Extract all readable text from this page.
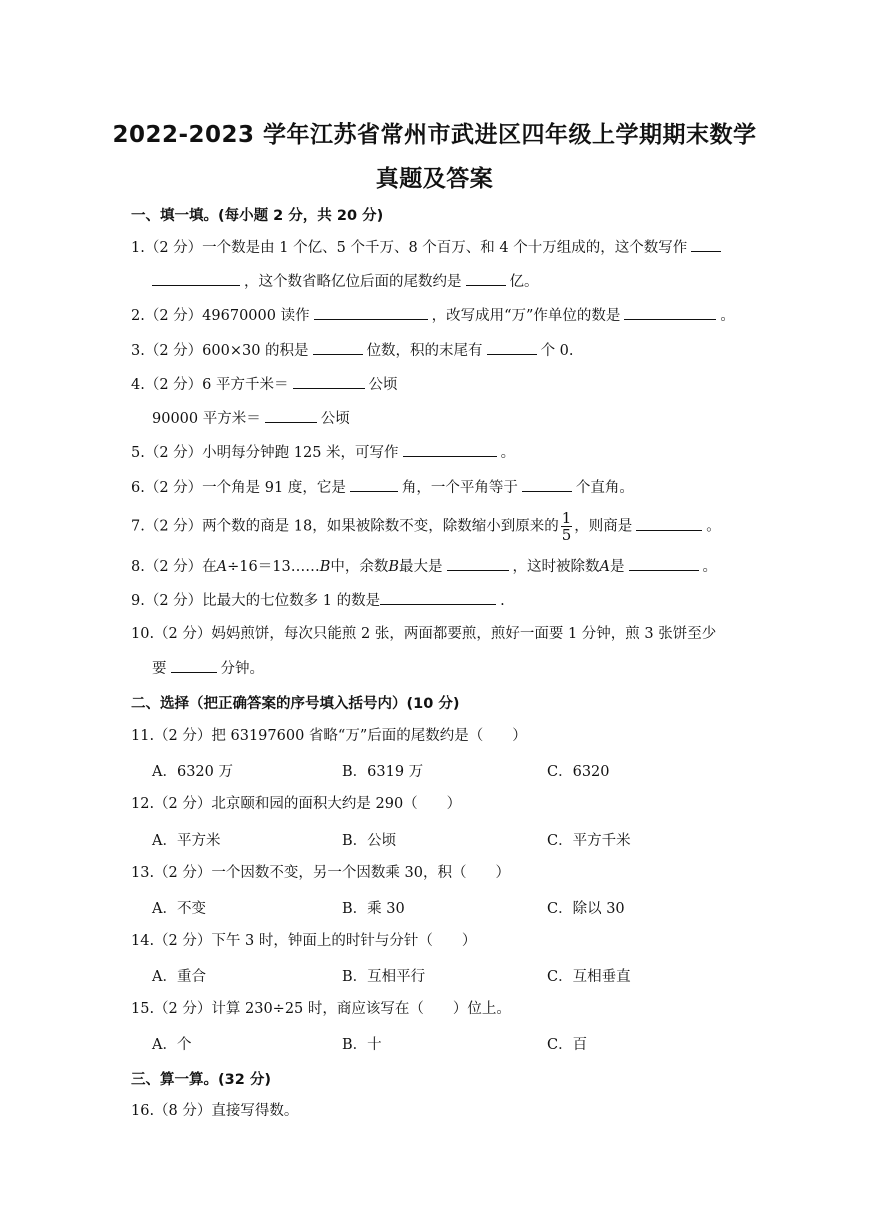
2022-2023 学年江苏省常州市武进区四年级上学期期末数学
真题及答案
一、填一填。(每小题 2 分，共 20 分)
1.（2 分）一个数是由 1 个亿、5 个千万、8 个百万、和 4 个十万组成的，这个数写作
，这个数省略亿位后面的尾数约是	亿。
2.（2 分）49670000 读作	，改写成用“万”作单位的数是	。
3.（2 分）600×30 的积是	位数，积的末尾有	个 0.
4.（2 分）6 平方千米＝	公顷
90000 平方米＝	公顷
5.（2 分）小明每分钟跑 125 米，可写作	。
6.（2 分）一个角是 91 度，它是	角，一个平角等于	个直角。
7.（2 分）两个数的商是 18，如果被除数不变，除数缩小到原来的 $\frac{1}{5}$ ，则商是	。
8.（2 分）在A÷16＝13……B中，余数B最大是	，这时被除数A是	。
9.（2 分）比最大的七位数多 1 的数是	.
10.（2 分）妈妈煎饼，每次只能煎 2 张，两面都要煎，煎好一面要 1 分钟，煎 3 张饼至少
要	分钟。
二、选择（把正确答案的序号填入括号内）(10 分)
11.（2 分）把 63197600 省略“万”后面的尾数约是（　　）
A．6320 万	B．6319 万	C．6320
12.（2 分）北京颐和园的面积大约是 290（　　）
A．平方米	B．公顷	C．平方千米
13.（2 分）一个因数不变，另一个因数乘 30，积（　　）
A．不变	B．乘 30	C．除以 30
14.（2 分）下午 3 时，钟面上的时针与分针（　　）
A．重合	B．互相平行	C．互相垂直
15.（2 分）计算 230÷25 时，商应该写在（　　）位上。
A．个	B．十	C．百
三、算一算。(32 分)
16.（8 分）直接写得数。
